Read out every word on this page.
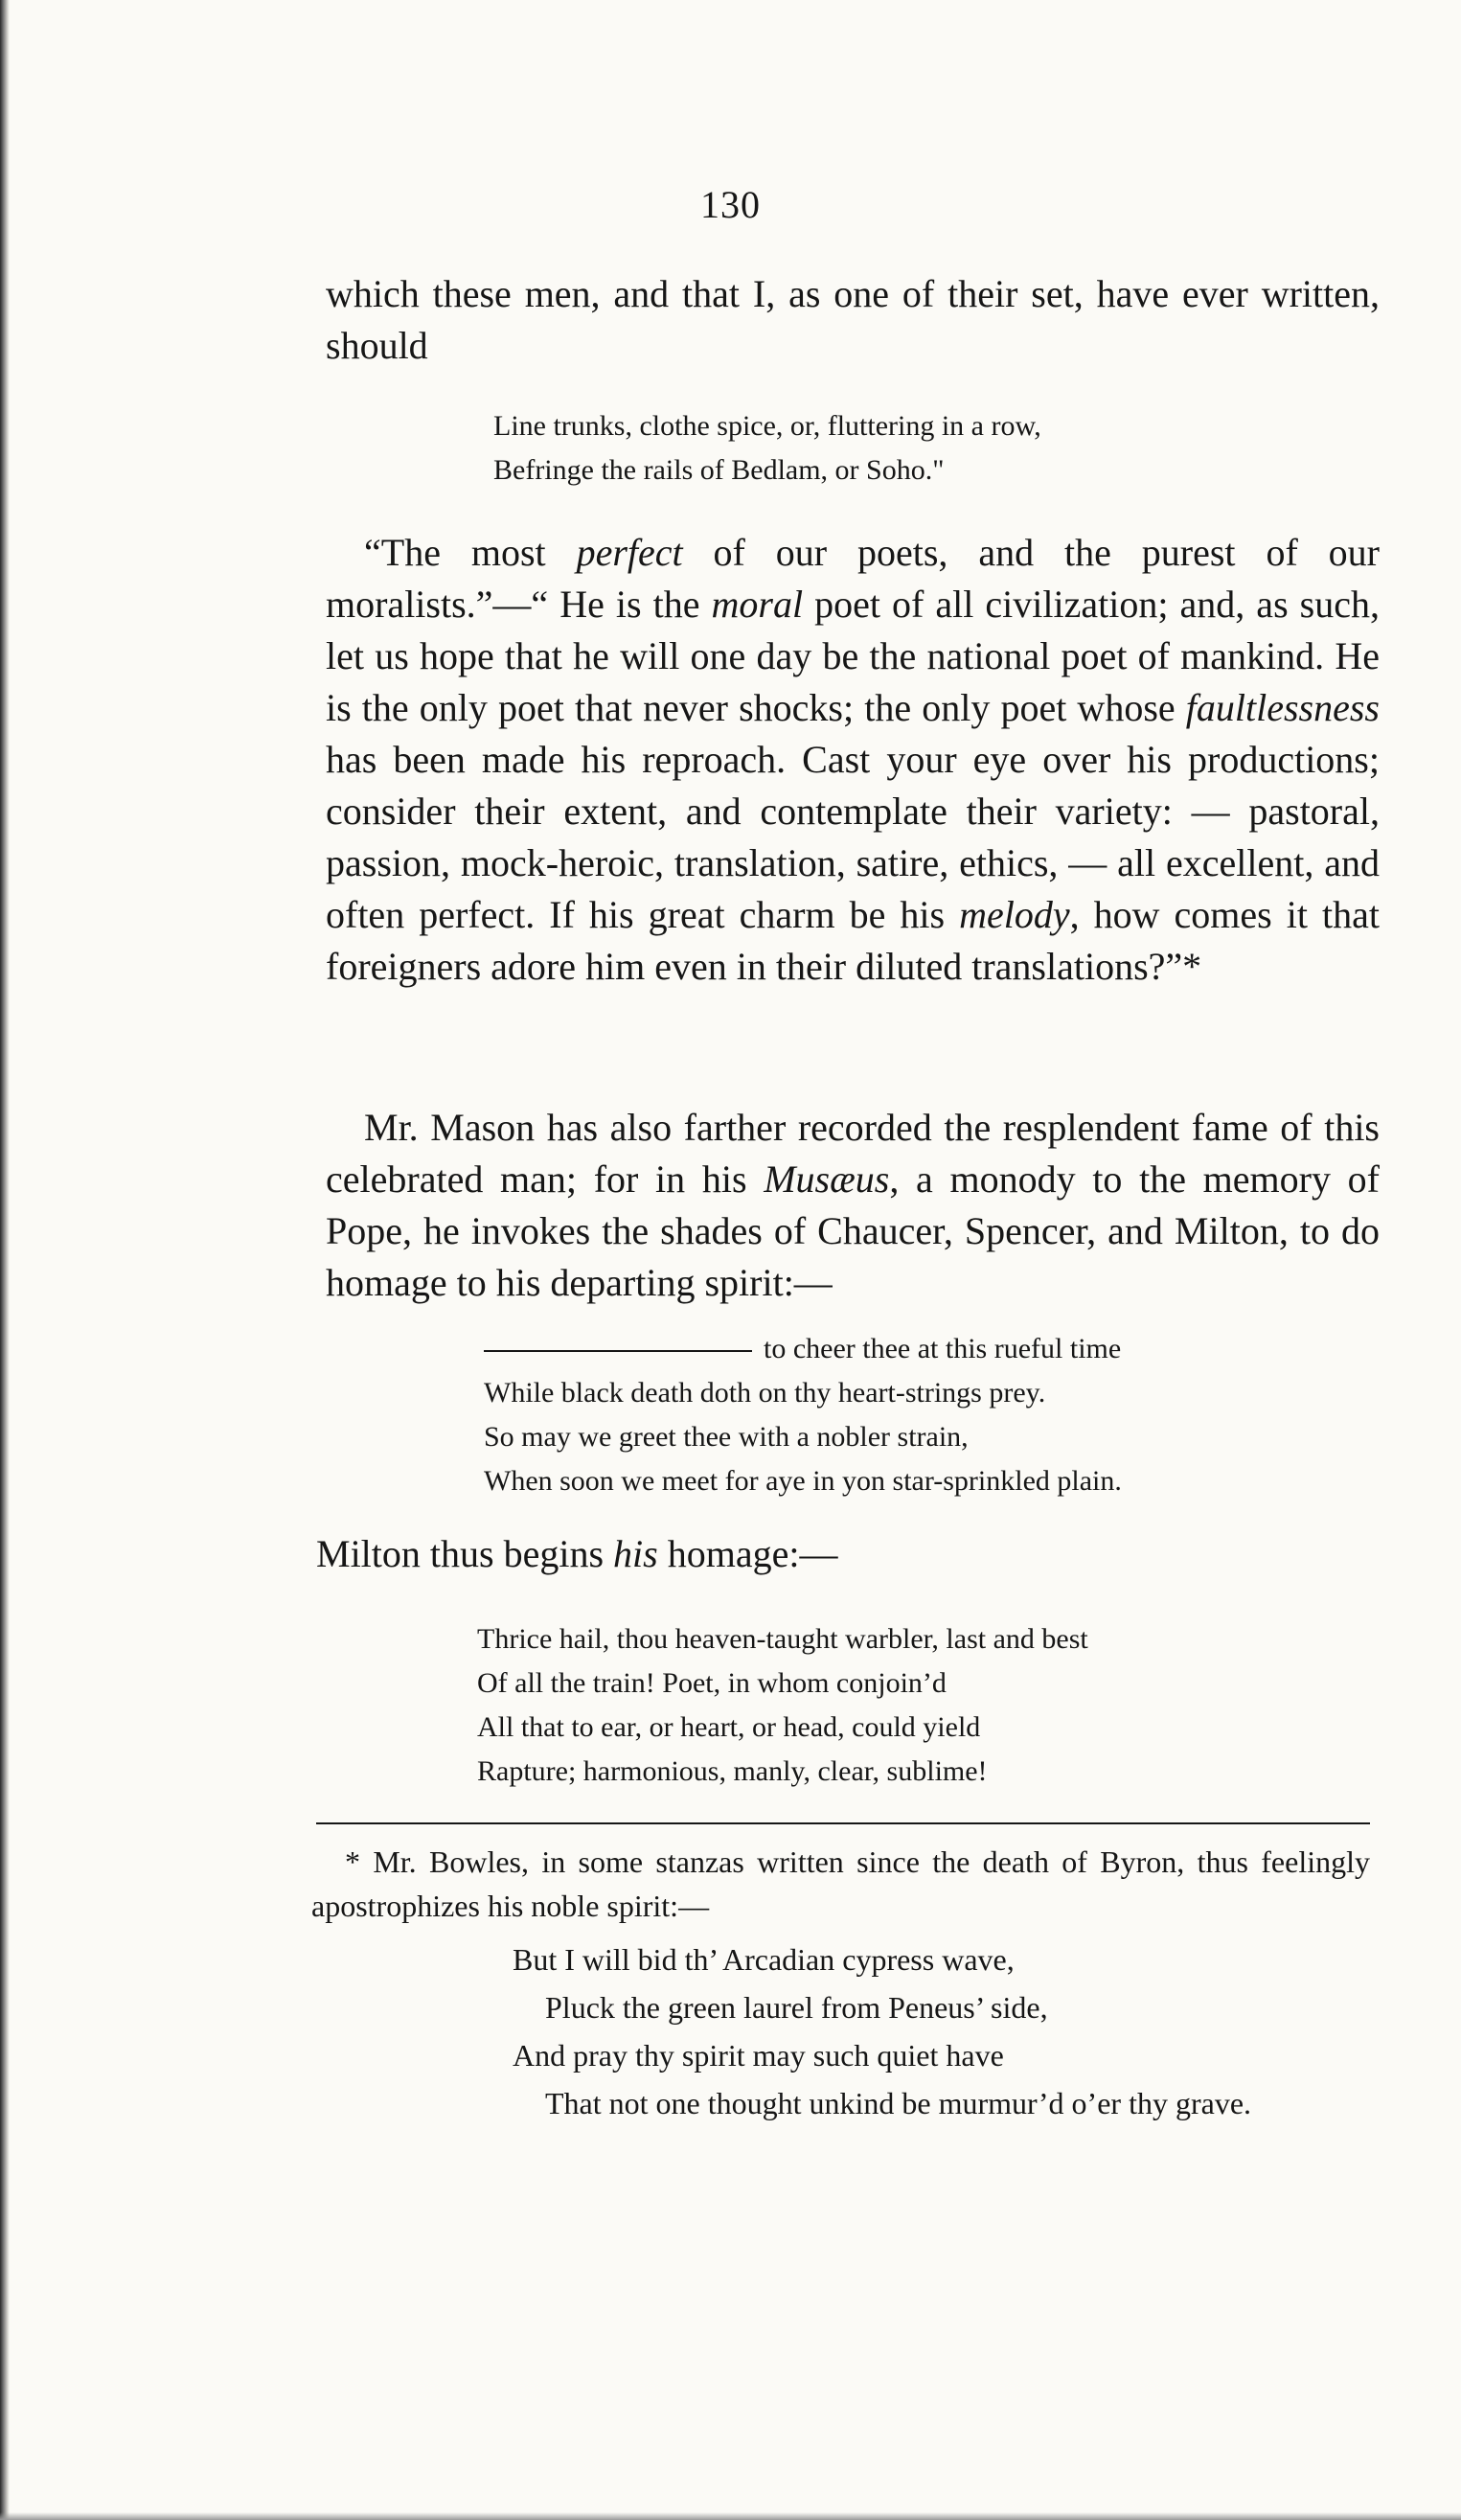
130

which these men, and that I, as one of their set, have ever written, should

Line trunks, clothe spice, or, fluttering in a row,
Befringe the rails of Bedlam, or Soho."

“The most perfect of our poets, and the purest of our moralists.”—“ He is the moral poet of all civilization; and, as such, let us hope that he will one day be the national poet of mankind. He is the only poet that never shocks; the only poet whose faultlessness has been made his reproach. Cast your eye over his productions; consider their extent, and contemplate their variety: — pastoral, passion, mock-heroic, translation, satire, ethics, — all excellent, and often perfect. If his great charm be his melody, how comes it that foreigners adore him even in their diluted translations?”*

Mr. Mason has also farther recorded the resplendent fame of this celebrated man; for in his Musæus, a monody to the memory of Pope, he invokes the shades of Chaucer, Spencer, and Milton, to do homage to his departing spirit:—

to cheer thee at this rueful time
While black death doth on thy heart-strings prey.
So may we greet thee with a nobler strain,
When soon we meet for aye in yon star-sprinkled plain.

Milton thus begins his homage:—

Thrice hail, thou heaven-taught warbler, last and best
Of all the train! Poet, in whom conjoin’d
All that to ear, or heart, or head, could yield
Rapture; harmonious, manly, clear, sublime!

* Mr. Bowles, in some stanzas written since the death of Byron, thus feelingly apostrophizes his noble spirit:—

But I will bid th’ Arcadian cypress wave,
Pluck the green laurel from Peneus’ side,
And pray thy spirit may such quiet have
That not one thought unkind be murmur’d o’er thy grave.
